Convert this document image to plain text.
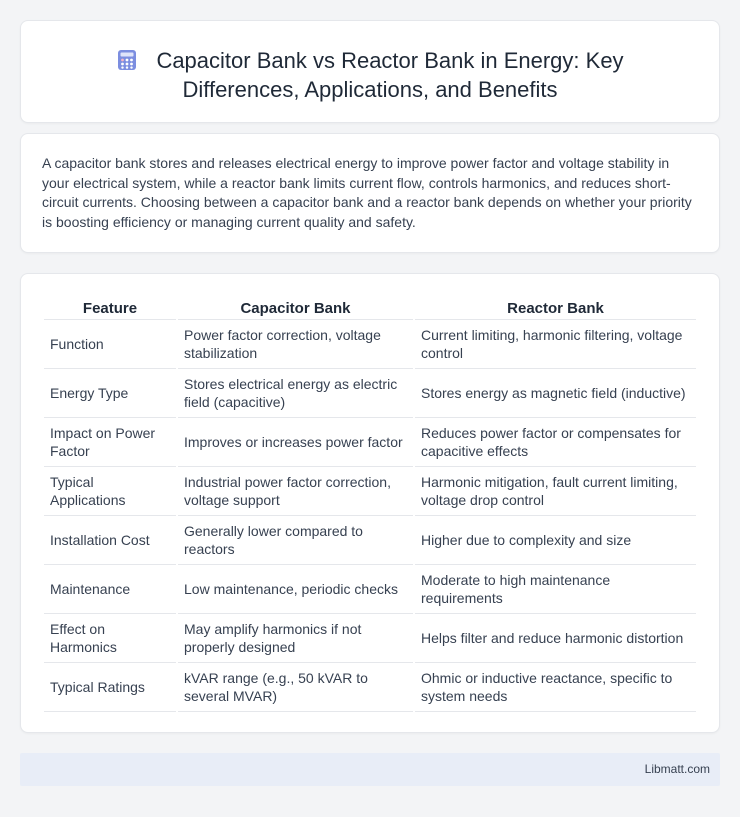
Capacitor Bank vs Reactor Bank in Energy: Key Differences, Applications, and Benefits

A capacitor bank stores and releases electrical energy to improve power factor and voltage stability in your electrical system, while a reactor bank limits current flow, controls harmonics, and reduces short-circuit currents. Choosing between a capacitor bank and a reactor bank depends on whether your priority is boosting efficiency or managing current quality and safety.

Feature	Capacitor Bank	Reactor Bank
Function	Power factor correction, voltage stabilization	Current limiting, harmonic filtering, voltage control
Energy Type	Stores electrical energy as electric field (capacitive)	Stores energy as magnetic field (inductive)
Impact on Power Factor	Improves or increases power factor	Reduces power factor or compensates for capacitive effects
Typical Applications	Industrial power factor correction, voltage support	Harmonic mitigation, fault current limiting, voltage drop control
Installation Cost	Generally lower compared to reactors	Higher due to complexity and size
Maintenance	Low maintenance, periodic checks	Moderate to high maintenance requirements
Effect on Harmonics	May amplify harmonics if not properly designed	Helps filter and reduce harmonic distortion
Typical Ratings	kVAR range (e.g., 50 kVAR to several MVAR)	Ohmic or inductive reactance, specific to system needs
Libmatt.com
